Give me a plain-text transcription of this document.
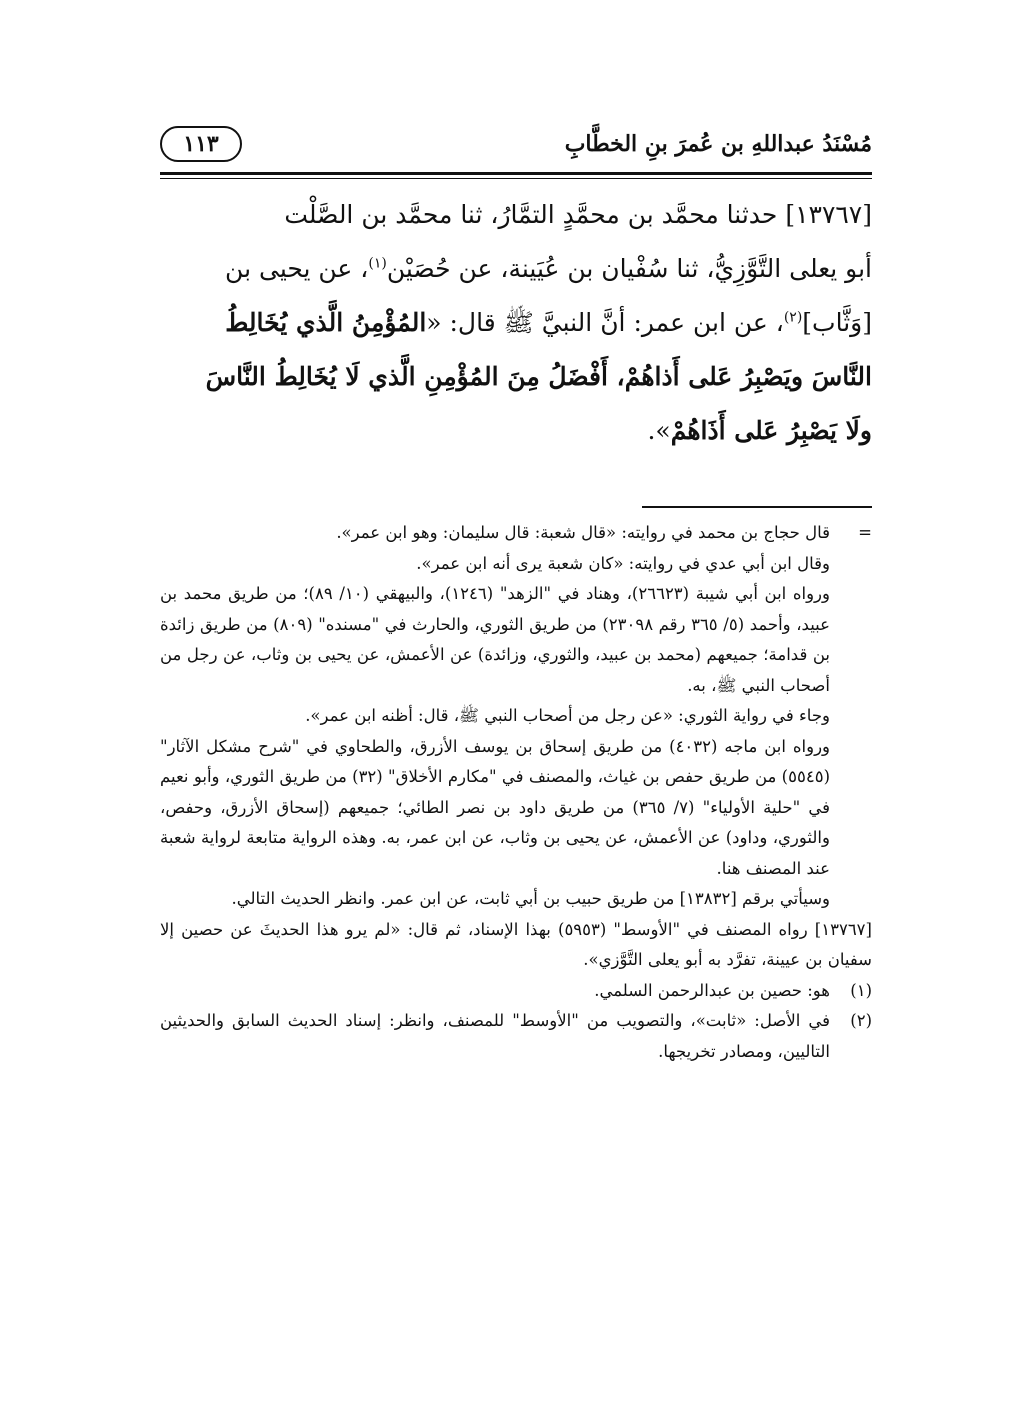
مُسْنَدُ عبداللهِ بن عُمرَ بنِ الخطَّابِ
١١٣

[١٣٧٦٧] حدثنا محمَّد بن محمَّدٍ التمَّارُ، ثنا محمَّد بن الصَّلْت

أبو يعلى التَّوَّزِيُّ، ثنا سُفْيان بن عُيَينة، عن حُصَيْن$^{(١)}$، عن يحيى بن

[وَثَّاب]$^{(٢)}$، عن ابن عمر: أنَّ النبيَّ ﷺ قال: «المُؤْمِنُ الَّذي يُخَالِطُ

النَّاسَ ويَصْبِرُ عَلى أَذاهُمْ، أَفْضَلُ مِنَ المُؤْمِنِ الَّذي لَا يُخَالِطُ النَّاسَ

ولَا يَصْبِرُ عَلى أَذَاهُمْ».

=

قال حجاج بن محمد في روايته: «قال شعبة: قال سليمان: وهو ابن عمر».

وقال ابن أبي عدي في روايته: «كان شعبة يرى أنه ابن عمر».

ورواه ابن أبي شيبة (٢٦٦٢٣)، وهناد في "الزهد" (١٢٤٦)، والبيهقي (١٠/ ٨٩)؛ من طريق محمد بن عبيد، وأحمد (٥/ ٣٦٥ رقم ٢٣٠٩٨) من طريق الثوري، والحارث في "مسنده" (٨٠٩) من طريق زائدة بن قدامة؛ جميعهم (محمد بن عبيد، والثوري، وزائدة) عن الأعمش، عن يحيى بن وثاب، عن رجل من أصحاب النبي ﷺ، به.

وجاء في رواية الثوري: «عن رجل من أصحاب النبي ﷺ، قال: أظنه ابن عمر».

ورواه ابن ماجه (٤٠٣٢) من طريق إسحاق بن يوسف الأزرق، والطحاوي في "شرح مشكل الآثار" (٥٥٤٥) من طريق حفص بن غياث، والمصنف في "مكارم الأخلاق" (٣٢) من طريق الثوري، وأبو نعيم في "حلية الأولياء" (٧/ ٣٦٥) من طريق داود بن نصر الطائي؛ جميعهم (إسحاق الأزرق، وحفص، والثوري، وداود) عن الأعمش، عن يحيى بن وثاب، عن ابن عمر، به. وهذه الرواية متابعة لرواية شعبة عند المصنف هنا.

وسيأتي برقم [١٣٨٣٢] من طريق حبيب بن أبي ثابت، عن ابن عمر. وانظر الحديث التالي.

[١٣٧٦٧] رواه المصنف في "الأوسط" (٥٩٥٣) بهذا الإسناد، ثم قال: «لم يرو هذا الحديثَ عن حصين إلا سفيان بن عيينة، تفرَّد به أبو يعلى التَّوَّزي».

(١)
هو: حصين بن عبدالرحمن السلمي.
(٢)
في الأصل: «ثابت»، والتصويب من "الأوسط" للمصنف، وانظر: إسناد الحديث السابق والحديثين التاليين، ومصادر تخريجها.
